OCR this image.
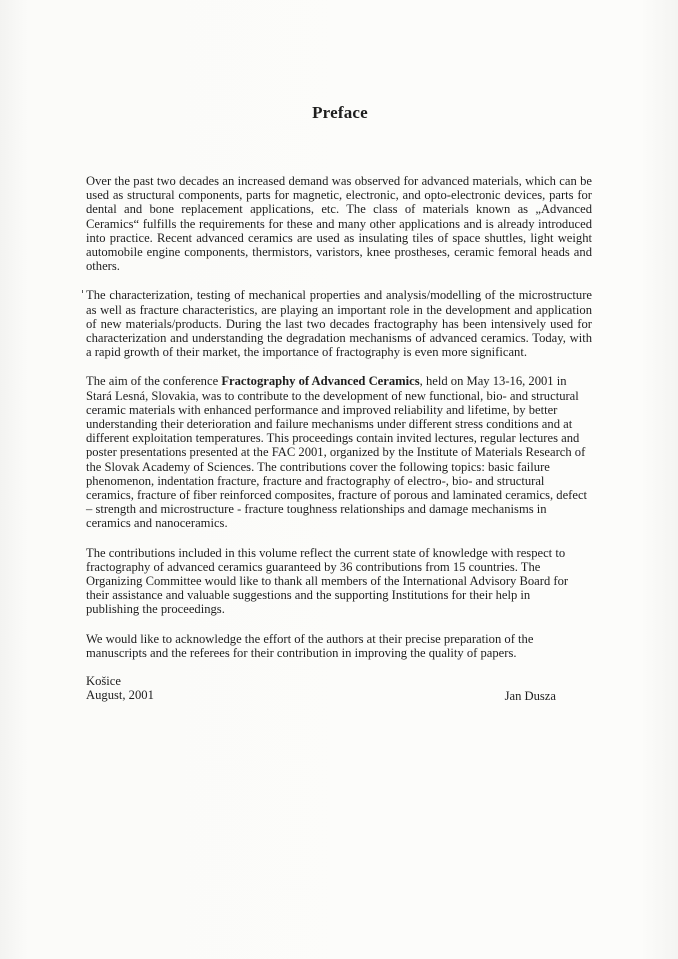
Preface

Over the past two decades an increased demand was observed for advanced materials, which can be used as structural components, parts for magnetic, electronic, and opto-electronic devices, parts for dental and bone replacement applications, etc. The class of materials known as „Advanced Ceramics“ fulfills the requirements for these and many other applications and is already introduced into practice. Recent advanced ceramics are used as insulating tiles of space shuttles, light weight automobile engine components, thermistors, varistors, knee prostheses, ceramic femoral heads and others.

The characterization, testing of mechanical properties and analysis/modelling of the microstructure as well as fracture characteristics, are playing an important role in the development and application of new materials/products. During the last two decades fractography has been intensively used for characterization and understanding the degradation mechanisms of advanced ceramics. Today, with a rapid growth of their market, the importance of fractography is even more significant.

The aim of the conference Fractography of Advanced Ceramics, held on May 13-16, 2001 in Stará Lesná, Slovakia, was to contribute to the development of new functional, bio- and structural ceramic materials with enhanced performance and improved reliability and lifetime, by better understanding their deterioration and failure mechanisms under different stress conditions and at different exploitation temperatures. This proceedings contain invited lectures, regular lectures and poster presentations presented at the FAC 2001, organized by the Institute of Materials Research of the Slovak Academy of Sciences. The contributions cover the following topics: basic failure phenomenon, indentation fracture, fracture and fractography of electro-, bio- and structural ceramics, fracture of fiber reinforced composites, fracture of porous and laminated ceramics, defect – strength and microstructure - fracture toughness relationships and damage mechanisms in ceramics and nanoceramics.

The contributions included in this volume reflect the current state of knowledge with respect to fractography of advanced ceramics guaranteed by 36 contributions from 15 countries. The Organizing Committee would like to thank all members of the International Advisory Board for their assistance and valuable suggestions and the supporting Institutions for their help in publishing the proceedings.

We would like to acknowledge the effort of the authors at their precise preparation of the manuscripts and the referees for their contribution in improving the quality of papers.

Košice
August, 2001	Jan Dusza
